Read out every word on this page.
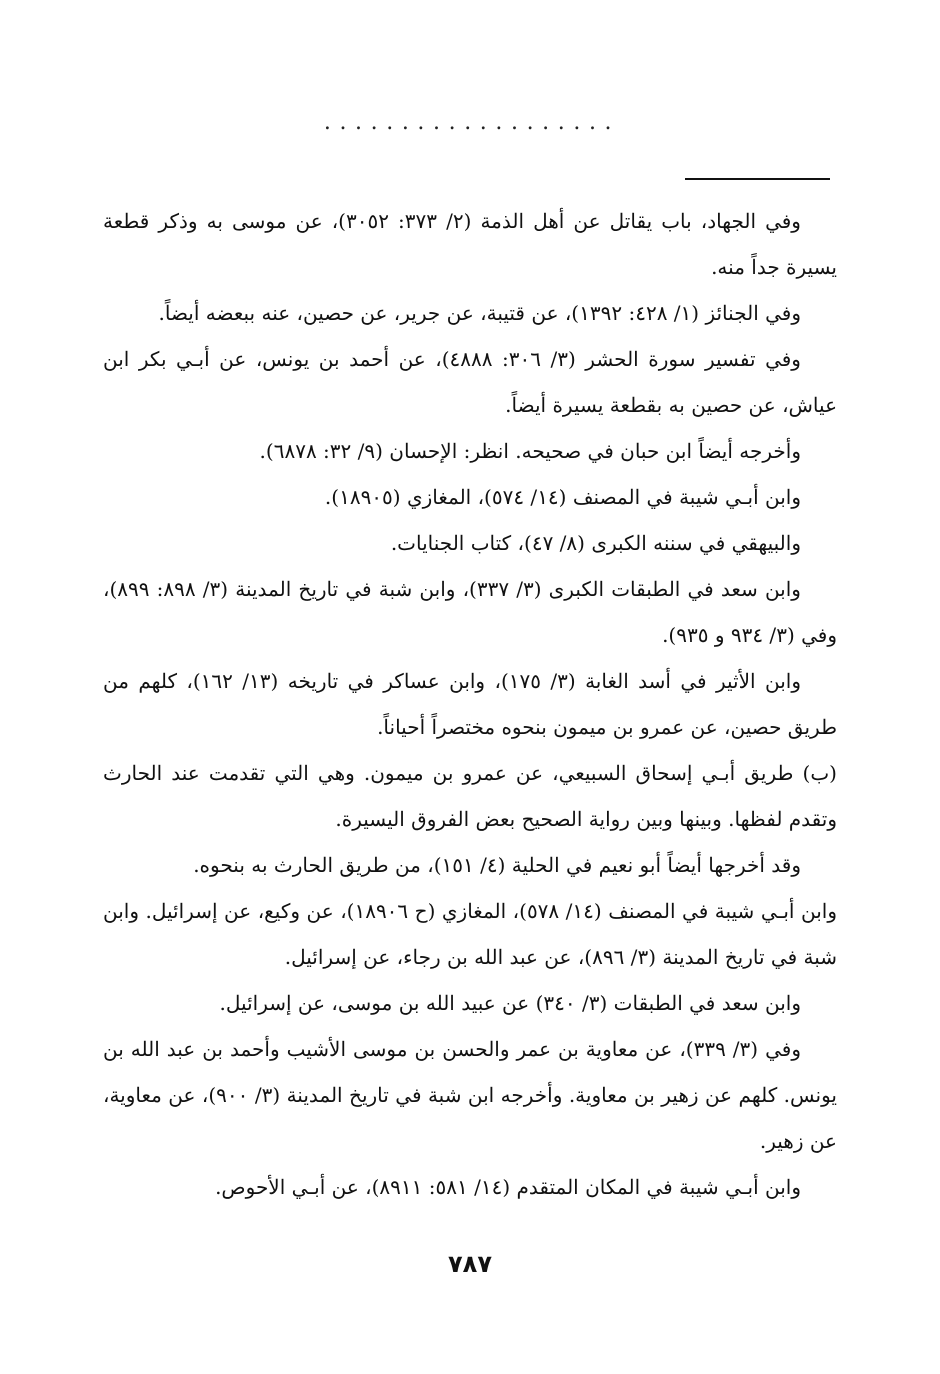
...................

وفي الجهاد، باب يقاتل عن أهل الذمة (٢/ ٣٧٣: ٣٠٥٢)، عن موسى به وذكر قطعة يسيرة جداً منه.

وفي الجنائز (١/ ٤٢٨: ١٣٩٢)، عن قتيبة، عن جرير، عن حصين، عنه ببعضه أيضاً.

وفي تفسير سورة الحشر (٣/ ٣٠٦: ٤٨٨٨)، عن أحمد بن يونس، عن أبـي بكر ابن عياش، عن حصين به بقطعة يسيرة أيضاً.

وأخرجه أيضاً ابن حبان في صحيحه. انظر: الإحسان (٩/ ٣٢: ٦٨٧٨).

وابن أبـي شيبة في المصنف (١٤/ ٥٧٤)، المغازي (١٨٩٠٥).

والبيهقي في سننه الكبرى (٨/ ٤٧)، كتاب الجنايات.

وابن سعد في الطبقات الكبرى (٣/ ٣٣٧)، وابن شبة في تاريخ المدينة (٣/ ٨٩٨: ٨٩٩)، وفي (٣/ ٩٣٤ و ٩٣٥).

وابن الأثير في أسد الغابة (٣/ ١٧٥)، وابن عساكر في تاريخه (١٣/ ١٦٢)، كلهم من طريق حصين، عن عمرو بن ميمون بنحوه مختصراً أحياناً.

(ب) طريق أبـي إسحاق السبيعي، عن عمرو بن ميمون. وهي التي تقدمت عند الحارث وتقدم لفظها. وبينها وبين رواية الصحيح بعض الفروق اليسيرة.

وقد أخرجها أيضاً أبو نعيم في الحلية (٤/ ١٥١)، من طريق الحارث به بنحوه.

وابن أبـي شيبة في المصنف (١٤/ ٥٧٨)، المغازي (ح ١٨٩٠٦)، عن وكيع، عن إسرائيل. وابن شبة في تاريخ المدينة (٣/ ٨٩٦)، عن عبد الله بن رجاء، عن إسرائيل.

وابن سعد في الطبقات (٣/ ٣٤٠) عن عبيد الله بن موسى، عن إسرائيل.

وفي (٣/ ٣٣٩)، عن معاوية بن عمر والحسن بن موسى الأشيب وأحمد بن عبد الله بن يونس. كلهم عن زهير بن معاوية. وأخرجه ابن شبة في تاريخ المدينة (٣/ ٩٠٠)، عن معاوية، عن زهير.

وابن أبـي شيبة في المكان المتقدم (١٤/ ٥٨١: ٨٩١١)، عن أبـي الأحوص.

٧٨٧
